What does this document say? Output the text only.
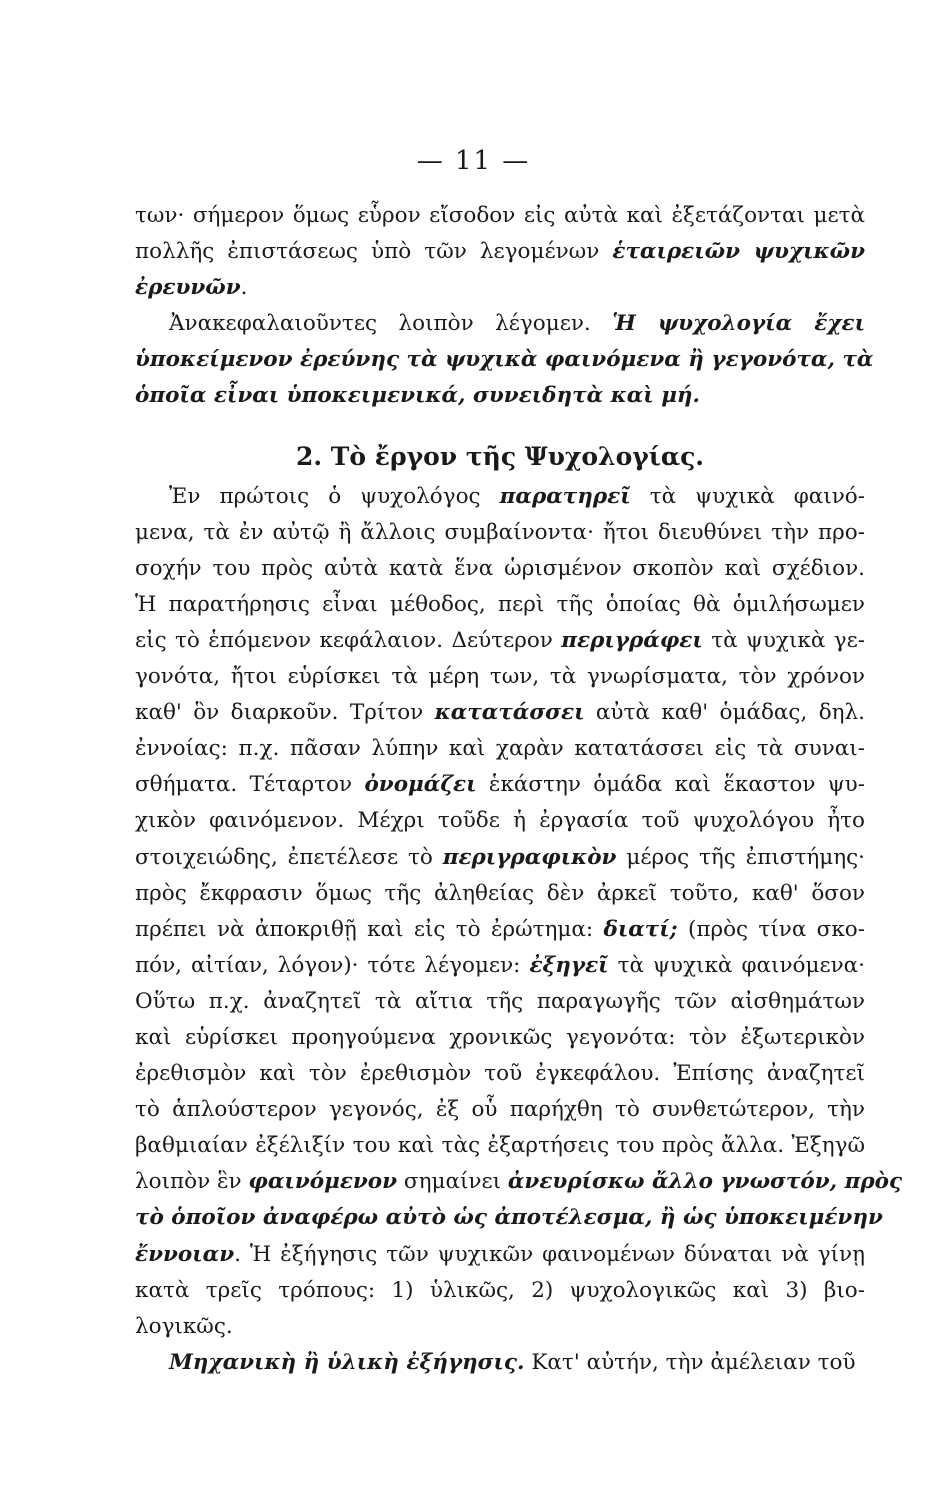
— 11 —
των· σήμερον ὅμως εὗρον εἴσοδον εἰς αὐτὰ καὶ ἐξετάζονται μετὰ
πολλῆς ἐπιστάσεως ὑπὸ τῶν λεγομένων ἑταιρειῶν ψυχικῶν
ἐρευνῶν.
Ἀνακεφαλαιοῦντες λοιπὸν λέγομεν. Ἡ ψυχολογία ἔχει
ὑποκείμενον ἐρεύνης τὰ ψυχικὰ φαινόμενα ἢ γεγονότα, τὰ
ὁποῖα εἶναι ὑποκειμενικά, συνειδητὰ καὶ μή.
2. Τὸ ἔργον τῆς Ψυχολογίας.
Ἐν πρώτοις ὁ ψυχολόγος παρατηρεῖ τὰ ψυχικὰ φαινό-
μενα, τὰ ἐν αὐτῷ ἢ ἄλλοις συμβαίνοντα· ἤτοι διευθύνει τὴν προ-
σοχήν του πρὸς αὐτὰ κατὰ ἕνα ὡρισμένον σκοπὸν καὶ σχέδιον.
Ἡ παρατήρησις εἶναι μέθοδος, περὶ τῆς ὁποίας θὰ ὁμιλήσωμεν
εἰς τὸ ἑπόμενον κεφάλαιον. Δεύτερον περιγράφει τὰ ψυχικὰ γε-
γονότα, ἤτοι εὑρίσκει τὰ μέρη των, τὰ γνωρίσματα, τὸν χρόνον
καθ' ὃν διαρκοῦν. Τρίτον κατατάσσει αὐτὰ καθ' ὁμάδας, δηλ.
ἐννοίας: π.χ. πᾶσαν λύπην καὶ χαρὰν κατατάσσει εἰς τὰ συναι-
σθήματα. Τέταρτον ὀνομάζει ἑκάστην ὁμάδα καὶ ἕκαστον ψυ-
χικὸν φαινόμενον. Μέχρι τοῦδε ἡ ἐργασία τοῦ ψυχολόγου ἦτο
στοιχειώδης, ἐπετέλεσε τὸ περιγραφικὸν μέρος τῆς ἐπιστήμης·
πρὸς ἔκφρασιν ὅμως τῆς ἀληθείας δὲν ἀρκεῖ τοῦτο, καθ' ὅσον
πρέπει νὰ ἀποκριθῇ καὶ εἰς τὸ ἐρώτημα: διατί; (πρὸς τίνα σκο-
πόν, αἰτίαν, λόγον)· τότε λέγομεν: ἐξηγεῖ τὰ ψυχικὰ φαινόμενα·
Οὕτω π.χ. ἀναζητεῖ τὰ αἴτια τῆς παραγωγῆς τῶν αἰσθημάτων
καὶ εὑρίσκει προηγούμενα χρονικῶς γεγονότα: τὸν ἐξωτερικὸν
ἐρεθισμὸν καὶ τὸν ἐρεθισμὸν τοῦ ἐγκεφάλου. Ἐπίσης ἀναζητεῖ
τὸ ἁπλούστερον γεγονός, ἐξ οὗ παρήχθη τὸ συνθετώτερον, τὴν
βαθμιαίαν ἐξέλιξίν του καὶ τὰς ἐξαρτήσεις του πρὸς ἄλλα. Ἐξηγῶ
λοιπὸν ἓν φαινόμενον σημαίνει ἀνευρίσκω ἄλλο γνωστόν, πρὸς
τὸ ὁποῖον ἀναφέρω αὐτὸ ὡς ἀποτέλεσμα, ἢ ὡς ὑποκειμένην
ἔννοιαν. Ἡ ἐξήγησις τῶν ψυχικῶν φαινομένων δύναται νὰ γίνῃ
κατὰ τρεῖς τρόπους: 1) ὑλικῶς, 2) ψυχολογικῶς καὶ 3) βιο-
λογικῶς.
Μηχανικὴ ἢ ὑλικὴ ἐξήγησις. Κατ' αὐτήν, τὴν ἀμέλειαν τοῦ
